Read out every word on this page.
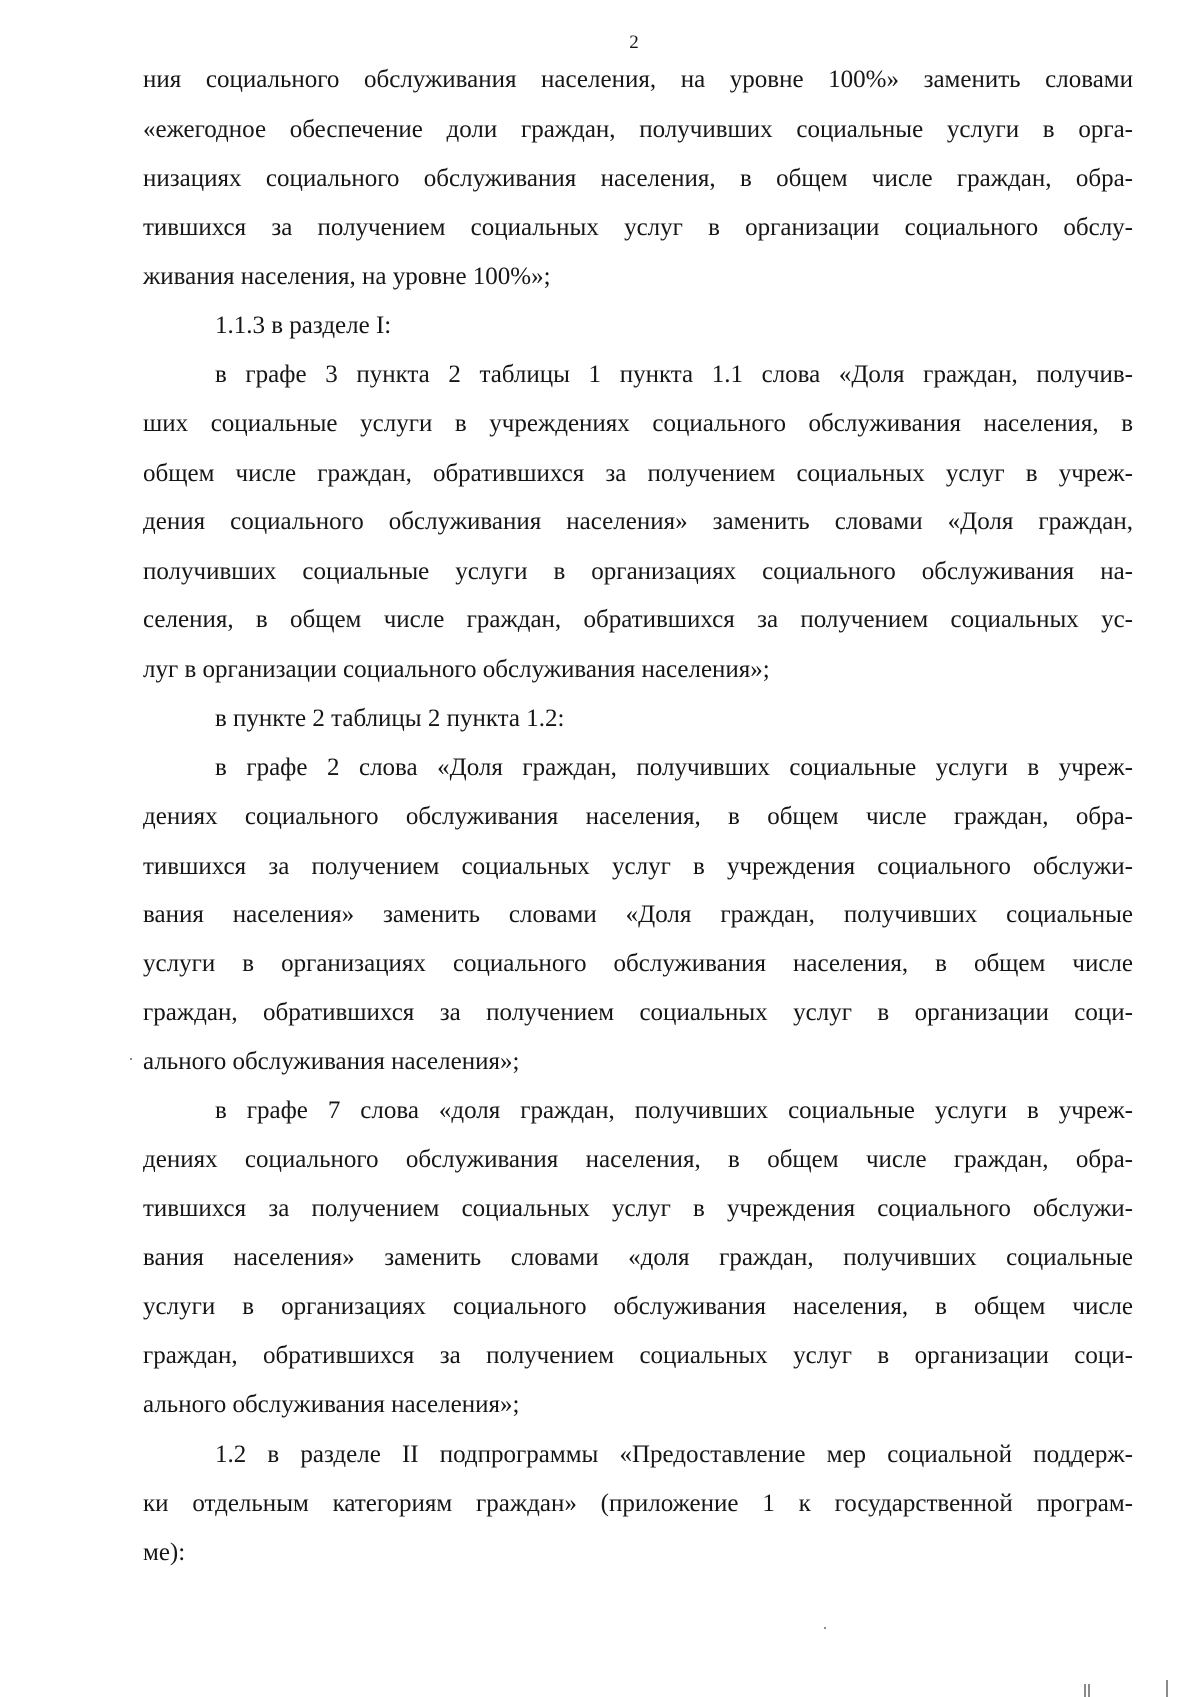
2
ния социального обслуживания населения, на уровне 100%» заменить словами
«ежегодное обеспечение доли граждан, получивших социальные услуги в орга-
низациях социального обслуживания населения, в общем числе граждан, обра-
тившихся за получением социальных услуг в организации социального обслу-
живания населения, на уровне 100%»;
1.1.3 в разделе I:
в графе 3 пункта 2 таблицы 1 пункта 1.1 слова «Доля граждан, получив-
ших социальные услуги в учреждениях социального обслуживания населения, в
общем числе граждан, обратившихся за получением социальных услуг в учреж-
дения социального обслуживания населения» заменить словами «Доля граждан,
получивших социальные услуги в организациях социального обслуживания на-
селения, в общем числе граждан, обратившихся за получением социальных ус-
луг в организации социального обслуживания населения»;
в пункте 2 таблицы 2 пункта 1.2:
в графе 2 слова «Доля граждан, получивших социальные услуги в учреж-
дениях социального обслуживания населения, в общем числе граждан, обра-
тившихся за получением социальных услуг в учреждения социального обслужи-
вания населения» заменить словами «Доля граждан, получивших социальные
услуги в организациях социального обслуживания населения, в общем числе
граждан, обратившихся за получением социальных услуг в организации соци-
ального обслуживания населения»;
в графе 7 слова «доля граждан, получивших социальные услуги в учреж-
дениях социального обслуживания населения, в общем числе граждан, обра-
тившихся за получением социальных услуг в учреждения социального обслужи-
вания населения» заменить словами «доля граждан, получивших социальные
услуги в организациях социального обслуживания населения, в общем числе
граждан, обратившихся за получением социальных услуг в организации соци-
ального обслуживания населения»;
1.2 в разделе II подпрограммы «Предоставление мер социальной поддерж-
ки отдельным категориям граждан» (приложение 1 к государственной програм-
ме):
